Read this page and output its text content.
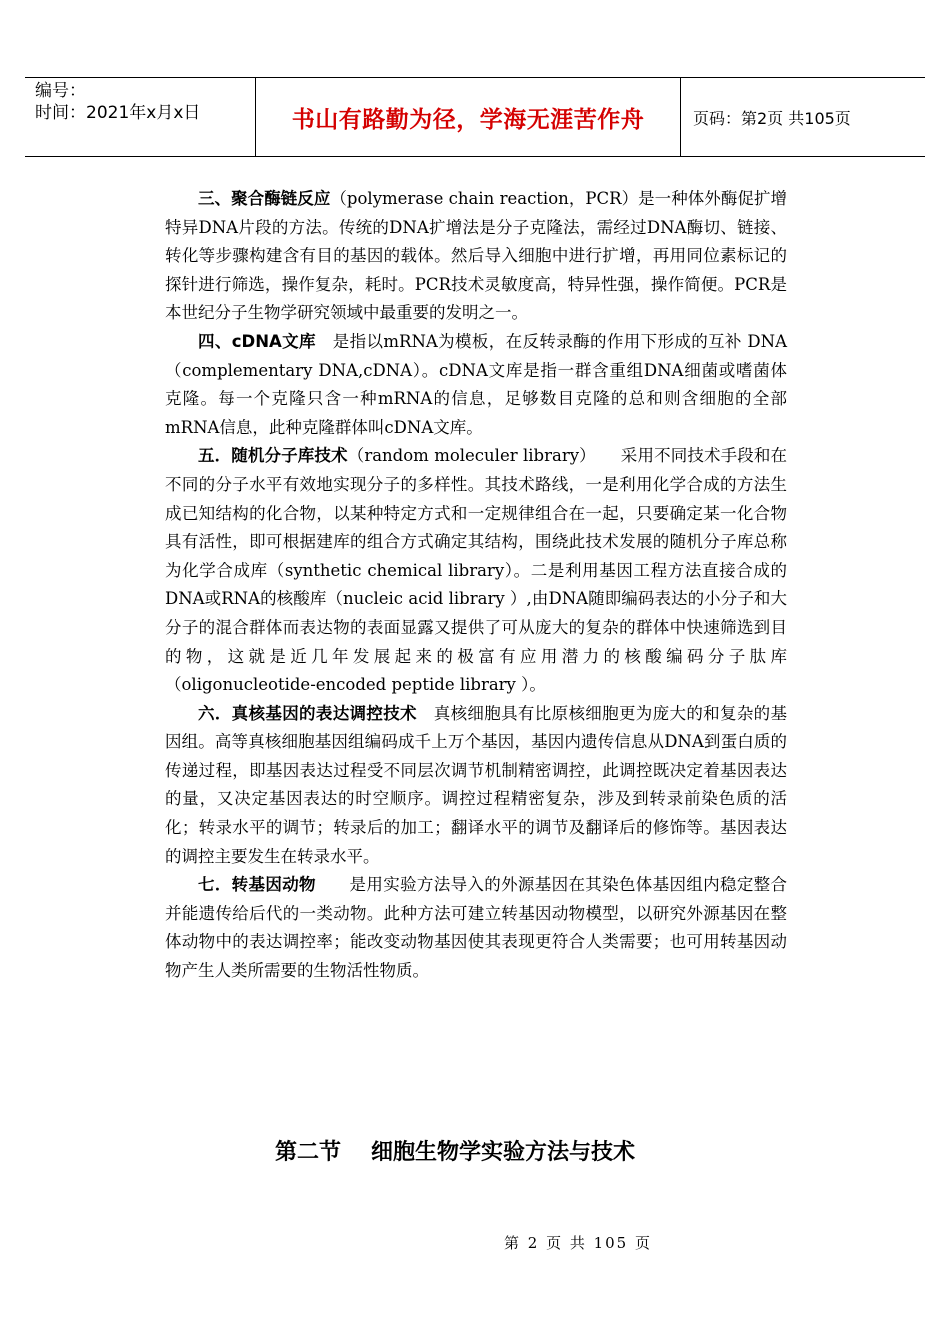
编号：
时间：2021年x月x日	书山有路勤为径，学海无涯苦作舟	页码：第2页 共105页

三、聚合酶链反应（polymerase chain reaction，PCR）是一种体外酶促扩增特异DNA片段的方法。传统的DNA扩增法是分子克隆法，需经过DNA酶切、链接、转化等步骤构建含有目的基因的载体。然后导入细胞中进行扩增，再用同位素标记的探针进行筛选，操作复杂，耗时。PCR技术灵敏度高，特异性强，操作简便。PCR是本世纪分子生物学研究领域中最重要的发明之一。

四、cDNA文库　是指以mRNA为模板，在反转录酶的作用下形成的互补 DNA（complementary DNA,cDNA）。cDNA文库是指一群含重组DNA细菌或嗜菌体克隆。每一个克隆只含一种mRNA的信息，足够数目克隆的总和则含细胞的全部mRNA信息，此种克隆群体叫cDNA文库。

五．随机分子库技术（random moleculer library）　　采用不同技术手段和在不同的分子水平有效地实现分子的多样性。其技术路线，一是利用化学合成的方法生成已知结构的化合物，以某种特定方式和一定规律组合在一起，只要确定某一化合物具有活性，即可根据建库的组合方式确定其结构，围绕此技术发展的随机分子库总称为化学合成库（synthetic chemical library）。二是利用基因工程方法直接合成的DNA或RNA的核酸库（nucleic acid library ）,由DNA随即编码表达的小分子和大分子的混合群体而表达物的表面显露又提供了可从庞大的复杂的群体中快速筛选到目的物，这就是近几年发展起来的极富有应用潜力的核酸编码分子肽库（oligonucleotide-encoded peptide library ）。

六．真核基因的表达调控技术　真核细胞具有比原核细胞更为庞大的和复杂的基因组。高等真核细胞基因组编码成千上万个基因，基因内遗传信息从DNA到蛋白质的传递过程，即基因表达过程受不同层次调节机制精密调控，此调控既决定着基因表达的量，又决定基因表达的时空顺序。调控过程精密复杂，涉及到转录前染色质的活化；转录水平的调节；转录后的加工；翻译水平的调节及翻译后的修饰等。基因表达的调控主要发生在转录水平。

七．转基因动物　　是用实验方法导入的外源基因在其染色体基因组内稳定整合并能遗传给后代的一类动物。此种方法可建立转基因动物模型，以研究外源基因在整体动物中的表达调控率；能改变动物基因使其表现更符合人类需要；也可用转基因动物产生人类所需要的生物活性物质。

第二节 细胞生物学实验方法与技术
第 2 页 共 105 页
